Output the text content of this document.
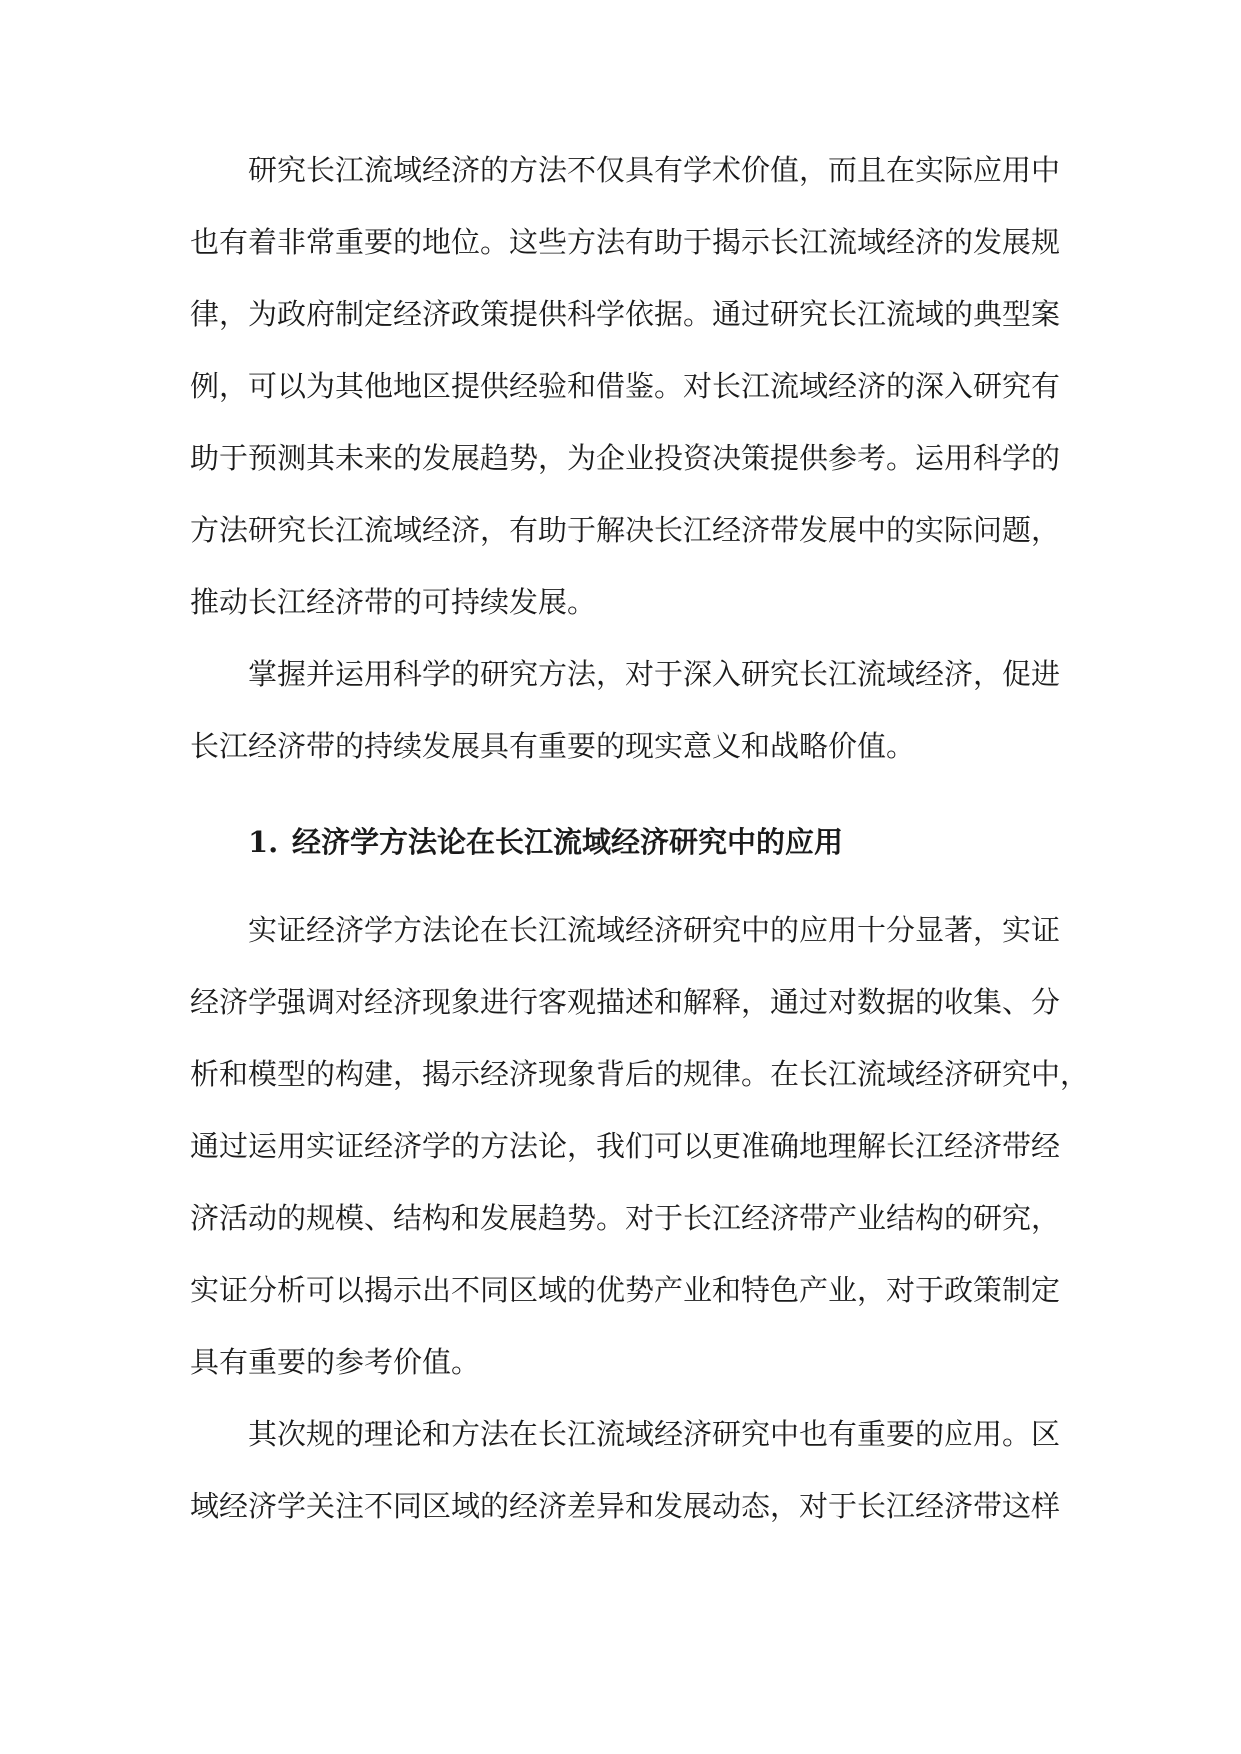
研究长江流域经济的方法不仅具有学术价值，而且在实际应用中
也有着非常重要的地位。这些方法有助于揭示长江流域经济的发展规
律，为政府制定经济政策提供科学依据。通过研究长江流域的典型案
例，可以为其他地区提供经验和借鉴。对长江流域经济的深入研究有
助于预测其未来的发展趋势，为企业投资决策提供参考。运用科学的
方法研究长江流域经济，有助于解决长江经济带发展中的实际问题，
推动长江经济带的可持续发展。
掌握并运用科学的研究方法，对于深入研究长江流域经济，促进
长江经济带的持续发展具有重要的现实意义和战略价值。
1. 经济学方法论在长江流域经济研究中的应用
实证经济学方法论在长江流域经济研究中的应用十分显著，实证
经济学强调对经济现象进行客观描述和解释，通过对数据的收集、分
析和模型的构建，揭示经济现象背后的规律。在长江流域经济研究中，
通过运用实证经济学的方法论，我们可以更准确地理解长江经济带经
济活动的规模、结构和发展趋势。对于长江经济带产业结构的研究，
实证分析可以揭示出不同区域的优势产业和特色产业，对于政策制定
具有重要的参考价值。
其次规的理论和方法在长江流域经济研究中也有重要的应用。区
域经济学关注不同区域的经济差异和发展动态，对于长江经济带这样
